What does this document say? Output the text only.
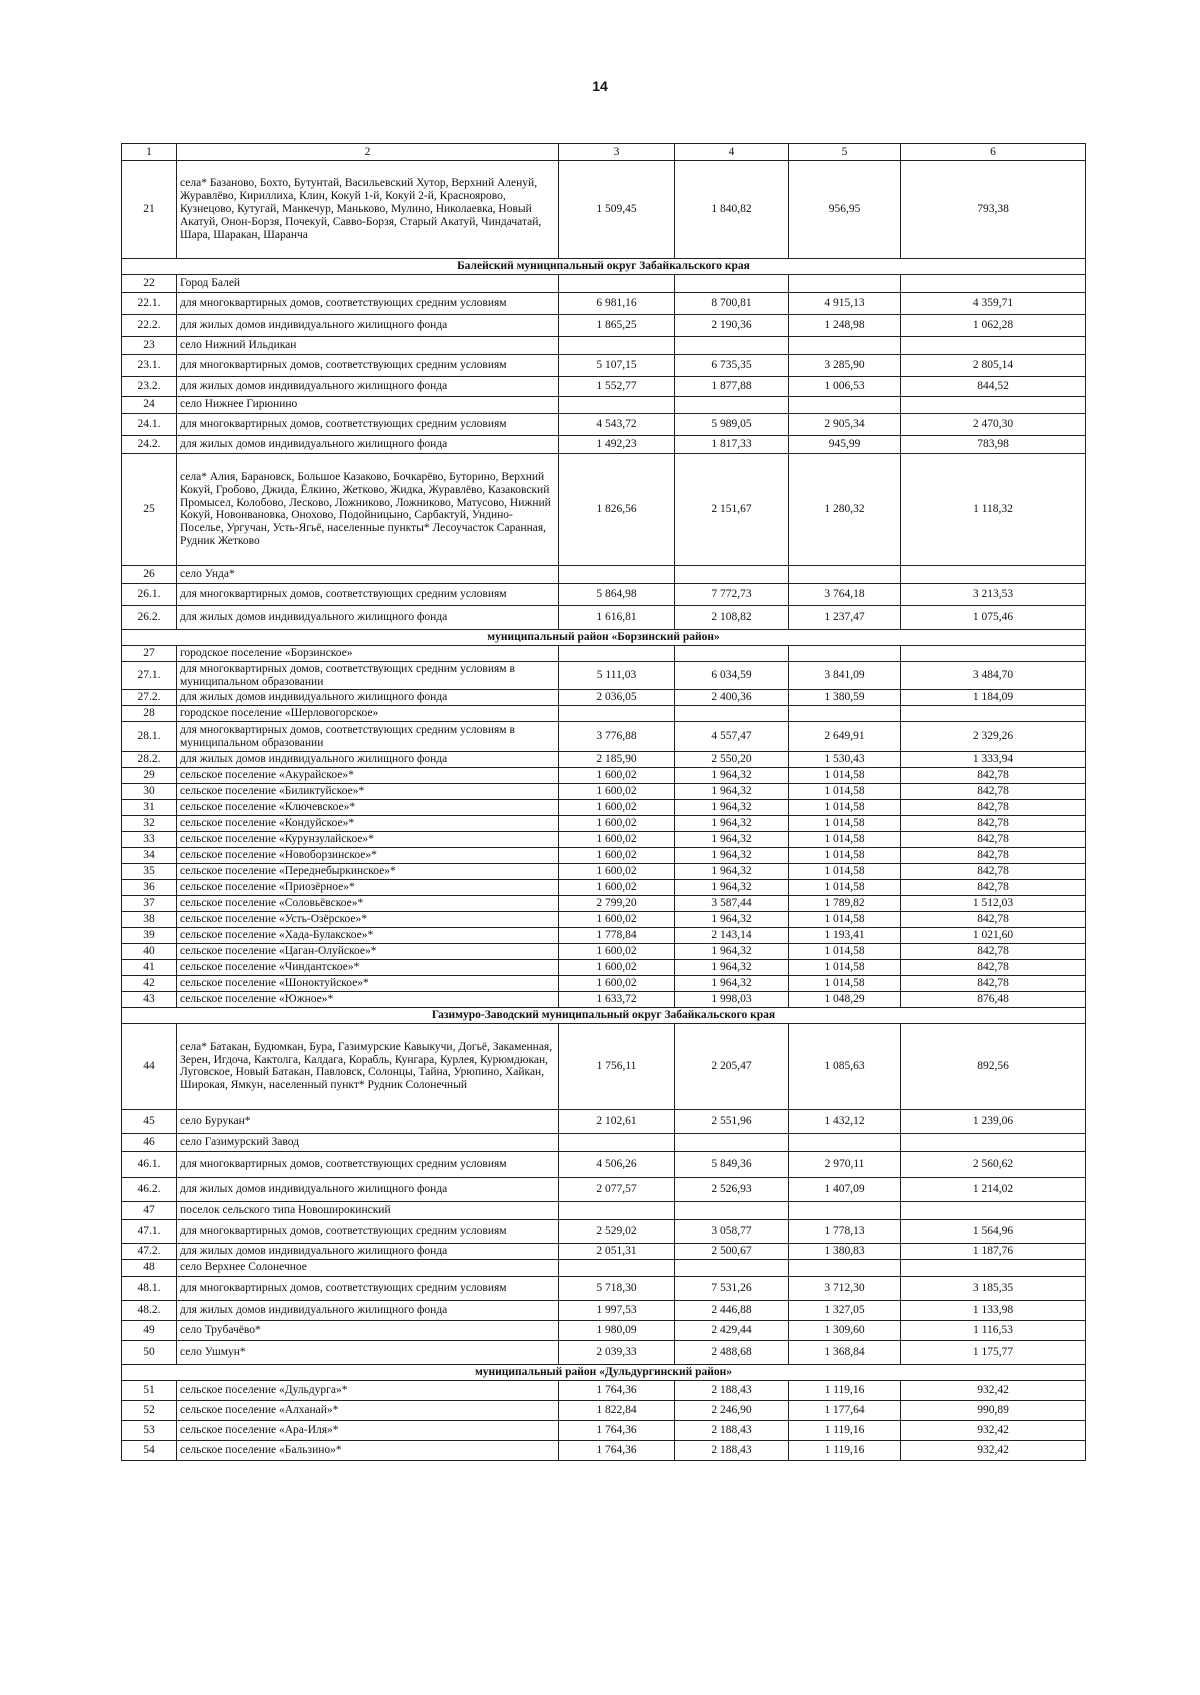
14
1	2	3	4	5	6
21	села* Базаново, Бохто, Бутунтай, Васильевский Хутор, Верхний Аленуй, Журавлёво, Кириллиха, Клин, Кокуй 1-й, Кокуй 2-й, Красноярово, Кузнецово, Кутугай, Манкечур, Маньково, Мулино, Николаевка, Новый Акатуй, Онон-Борзя, Почекуй, Савво-Борзя, Старый Акатуй, Чиндачатай, Шара, Шаракан, Шаранча	1 509,45	1 840,82	956,95	793,38
Балейский муниципальный округ Забайкальского края					
22	Город Балей				
22.1.	для многоквартирных домов, соответствующих средним условиям	6 981,16	8 700,81	4 915,13	4 359,71
22.2.	для жилых домов индивидуального жилищного фонда	1 865,25	2 190,36	1 248,98	1 062,28
23	село Нижний Ильдикан				
23.1.	для многоквартирных домов, соответствующих средним условиям	5 107,15	6 735,35	3 285,90	2 805,14
23.2.	для жилых домов индивидуального жилищного фонда	1 552,77	1 877,88	1 006,53	844,52
24	село Нижнее Гирюнино				
24.1.	для многоквартирных домов, соответствующих средним условиям	4 543,72	5 989,05	2 905,34	2 470,30
24.2.	для жилых домов индивидуального жилищного фонда	1 492,23	1 817,33	945,99	783,98
25	села* Алия, Барановск, Большое Казаково, Бочкарёво, Буторино, Верхний Кокуй, Гробово, Джида, Ёлкино, Жетково, Жидка, Журавлёво, Казаковский Промысел, Колобово, Лесково, Ложниково, Ложниково, Матусово, Нижний Кокуй, Новоивановка, Онохово, Подойницыно, Сарбактуй, Ундино-Поселье, Ургучан, Усть-Ягьё, населенные пункты* Лесоучасток Саранная, Рудник Жетково	1 826,56	2 151,67	1 280,32	1 118,32
26	село Унда*				
26.1.	для многоквартирных домов, соответствующих средним условиям	5 864,98	7 772,73	3 764,18	3 213,53
26.2.	для жилых домов индивидуального жилищного фонда	1 616,81	2 108,82	1 237,47	1 075,46
муниципальный район «Борзинский район»					
27	городское поселение «Борзинское»				
27.1.	для многоквартирных домов, соответствующих средним условиям в муниципальном образовании	5 111,03	6 034,59	3 841,09	3 484,70
27.2.	для жилых домов индивидуального жилищного фонда	2 036,05	2 400,36	1 380,59	1 184,09
28	городское поселение «Шерловогорское»				
28.1.	для многоквартирных домов, соответствующих средним условиям в муниципальном образовании	3 776,88	4 557,47	2 649,91	2 329,26
28.2.	для жилых домов индивидуального жилищного фонда	2 185,90	2 550,20	1 530,43	1 333,94
29	сельское поселение «Акурайское»*	1 600,02	1 964,32	1 014,58	842,78
30	сельское поселение «Биликтуйское»*	1 600,02	1 964,32	1 014,58	842,78
31	сельское поселение «Ключевское»*	1 600,02	1 964,32	1 014,58	842,78
32	сельское поселение «Кондуйское»*	1 600,02	1 964,32	1 014,58	842,78
33	сельское поселение «Курунзулайское»*	1 600,02	1 964,32	1 014,58	842,78
34	сельское поселение «Новоборзинское»*	1 600,02	1 964,32	1 014,58	842,78
35	сельское поселение «Переднебыркинское»*	1 600,02	1 964,32	1 014,58	842,78
36	сельское поселение «Приозёрное»*	1 600,02	1 964,32	1 014,58	842,78
37	сельское поселение «Соловьёвское»*	2 799,20	3 587,44	1 789,82	1 512,03
38	сельское поселение «Усть-Озёрское»*	1 600,02	1 964,32	1 014,58	842,78
39	сельское поселение «Хада-Булакское»*	1 778,84	2 143,14	1 193,41	1 021,60
40	сельское поселение «Цаган-Олуйское»*	1 600,02	1 964,32	1 014,58	842,78
41	сельское поселение «Чиндантское»*	1 600,02	1 964,32	1 014,58	842,78
42	сельское поселение «Шоноктуйское»*	1 600,02	1 964,32	1 014,58	842,78
43	сельское поселение «Южное»*	1 633,72	1 998,03	1 048,29	876,48
Газимуро-Заводский муниципальный округ Забайкальского края					
44	села* Батакан, Будюмкан, Бура, Газимурские Кавыкучи, Догьё, Закаменная, Зерен, Игдоча, Кактолга, Калдага, Корабль, Кунгара, Курлея, Курюмдюкан, Луговское, Новый Батакан, Павловск, Солонцы, Тайна, Урюпино, Хайкан, Широкая, Ямкун, населенный пункт* Рудник Солонечный	1 756,11	2 205,47	1 085,63	892,56
45	село Бурукан*	2 102,61	2 551,96	1 432,12	1 239,06
46	село Газимурский Завод				
46.1.	для многоквартирных домов, соответствующих средним условиям	4 506,26	5 849,36	2 970,11	2 560,62
46.2.	для жилых домов индивидуального жилищного фонда	2 077,57	2 526,93	1 407,09	1 214,02
47	поселок сельского типа Новоширокинский				
47.1.	для многоквартирных домов, соответствующих средним условиям	2 529,02	3 058,77	1 778,13	1 564,96
47.2.	для жилых домов индивидуального жилищного фонда	2 051,31	2 500,67	1 380,83	1 187,76
48	село Верхнее Солонечное				
48.1.	для многоквартирных домов, соответствующих средним условиям	5 718,30	7 531,26	3 712,30	3 185,35
48.2.	для жилых домов индивидуального жилищного фонда	1 997,53	2 446,88	1 327,05	1 133,98
49	село Трубачёво*	1 980,09	2 429,44	1 309,60	1 116,53
50	село Ушмун*	2 039,33	2 488,68	1 368,84	1 175,77
муниципальный район «Дульдургинский район»					
51	сельское поселение «Дульдурга»*	1 764,36	2 188,43	1 119,16	932,42
52	сельское поселение «Алханай»*	1 822,84	2 246,90	1 177,64	990,89
53	сельское поселение «Ара-Иля»*	1 764,36	2 188,43	1 119,16	932,42
54	сельское поселение «Бальзино»*	1 764,36	2 188,43	1 119,16	932,42
